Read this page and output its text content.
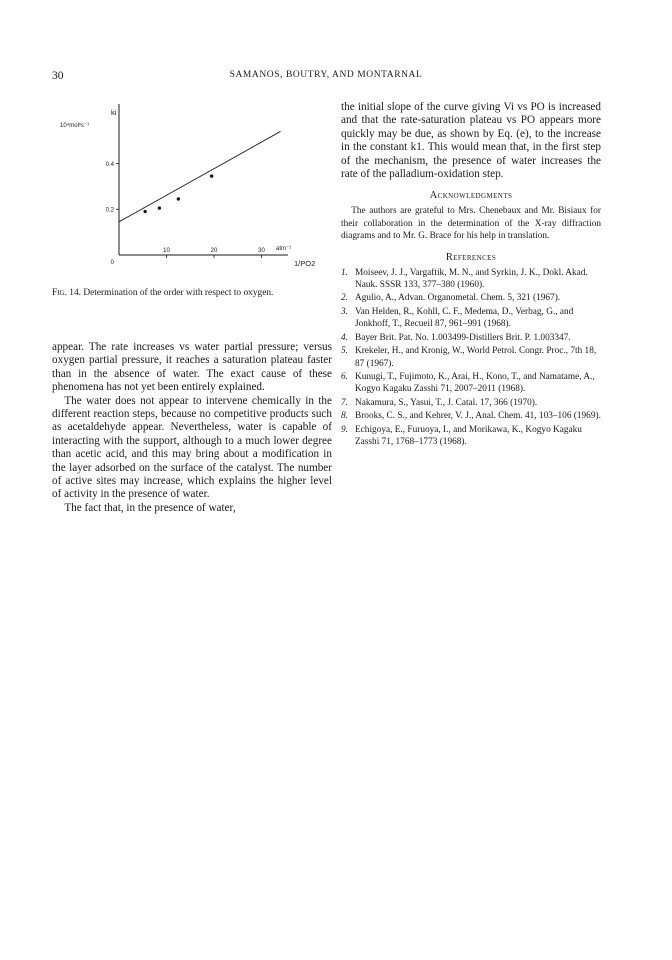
30	SAMANOS, BOUTRY, AND MONTARNAL
ki
10⁴molˢs⁻¹
10	20	30
0
0.2
0.4
atm⁻¹
1/PO2
Fig. 14. Determination of the order with respect to oxygen.

appear. The rate increases vs water partial pressure; versus oxygen partial pressure, it reaches a saturation plateau faster than in the absence of water. The exact cause of these phenomena has not yet been entirely explained.

The water does not appear to intervene chemically in the different reaction steps, because no competitive products such as acetaldehyde appear. Nevertheless, water is capable of interacting with the support, although to a much lower degree than acetic acid, and this may bring about a modification in the layer adsorbed on the surface of the catalyst. The number of active sites may increase, which explains the higher level of activity in the presence of water.

The fact that, in the presence of water,

the initial slope of the curve giving Vi vs PO is increased and that the rate-saturation plateau vs PO appears more quickly may be due, as shown by Eq. (e), to the increase in the constant k1. This would mean that, in the first step of the mechanism, the presence of water increases the rate of the palladium-oxidation step.

Acknowledgments

The authors are grateful to Mrs. Chenebaux and Mr. Bisiaux for their collaboration in the determination of the X-ray diffraction diagrams and to Mr. G. Brace for his help in translation.

References
1. Moiseev, J. J., Vargaftik, M. N., and Syrkin, J. K., Dokl. Akad. Nauk. SSSR 133, 377–380 (1960).
2. Agulio, A., Advan. Organometal. Chem. 5, 321 (1967).
3. Van Helden, R., Kohll, C. F., Medema, D., Verbag, G., and Jonkhoff, T., Recueil 87, 961–991 (1968).
4. Bayer Brit. Pat. No. 1.003499-Distillers Brit. P. 1.003347.
5. Krekeler, H., and Kronig, W., World Petrol. Congr. Proc., 7th 18, 87 (1967).
6. Kunugi, T., Fujimoto, K., Arai, H., Kono, T., and Namatame, A., Kogyo Kagaku Zasshi 71, 2007–2011 (1968).
7. Nakamura, S., Yasui, T., J. Catal. 17, 366 (1970).
8. Brooks, C. S., and Kehrer, V. J., Anal. Chem. 41, 103–106 (1969).
9. Echigoya, E., Furuoya, I., and Morikawa, K., Kogyo Kagaku Zasshi 71, 1768–1773 (1968).
